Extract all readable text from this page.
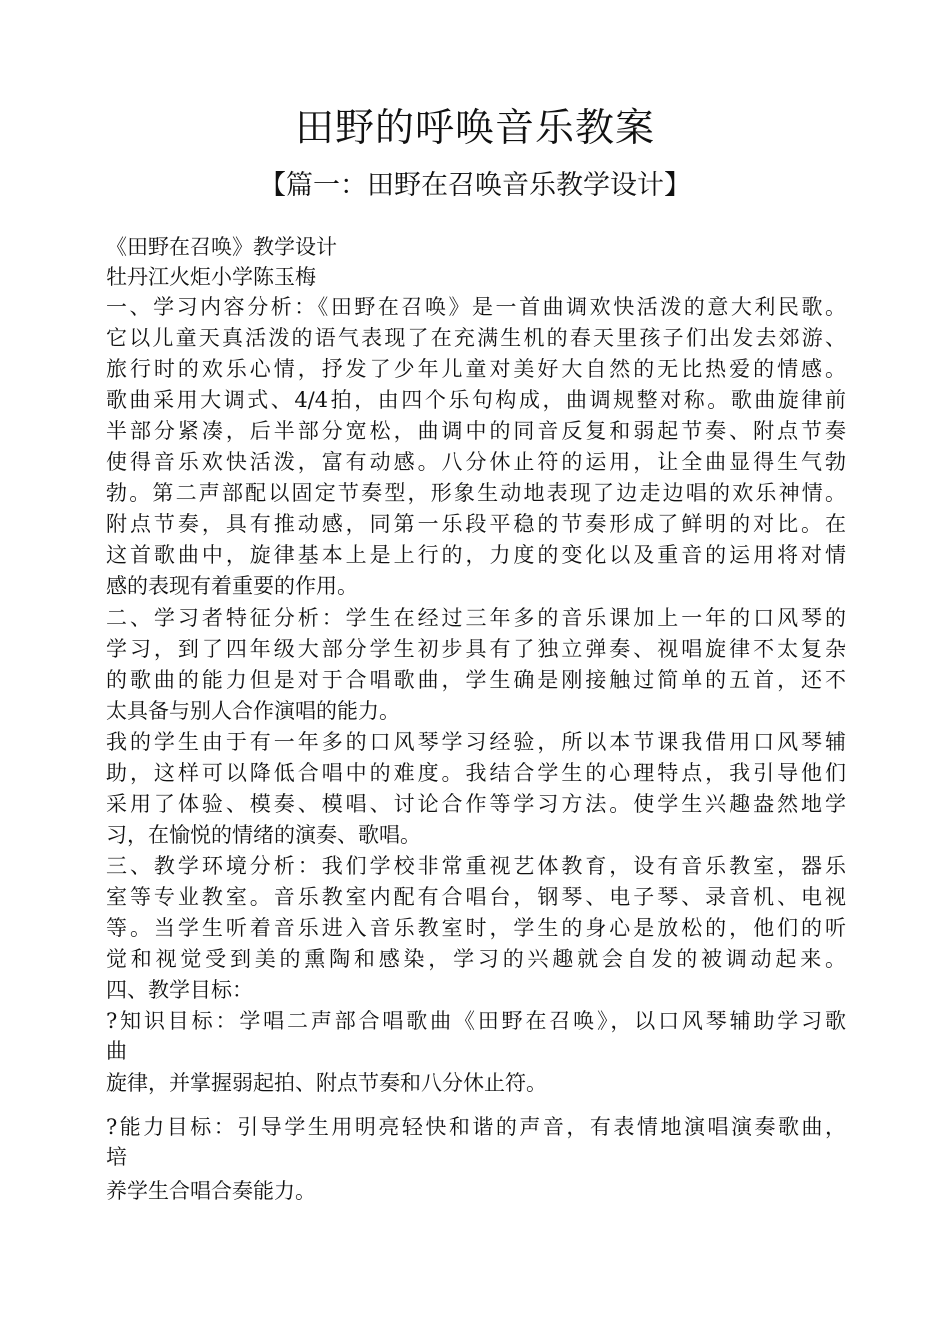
田野的呼唤音乐教案
【篇一：田野在召唤音乐教学设计】
《田野在召唤》教学设计
牡丹江火炬小学陈玉梅
一、学习内容分析：《田野在召唤》是一首曲调欢快活泼的意大利民歌。
它以儿童天真活泼的语气表现了在充满生机的春天里孩子们出发去郊游、
旅行时的欢乐心情，抒发了少年儿童对美好大自然的无比热爱的情感。
歌曲采用大调式、4/4拍，由四个乐句构成，曲调规整对称。歌曲旋律前
半部分紧凑，后半部分宽松，曲调中的同音反复和弱起节奏、附点节奏
使得音乐欢快活泼，富有动感。八分休止符的运用，让全曲显得生气勃
勃。第二声部配以固定节奏型，形象生动地表现了边走边唱的欢乐神情。
附点节奏，具有推动感，同第一乐段平稳的节奏形成了鲜明的对比。在
这首歌曲中，旋律基本上是上行的，力度的变化以及重音的运用将对情
感的表现有着重要的作用。
二、学习者特征分析：学生在经过三年多的音乐课加上一年的口风琴的
学习，到了四年级大部分学生初步具有了独立弹奏、视唱旋律不太复杂
的歌曲的能力但是对于合唱歌曲，学生确是刚接触过简单的五首，还不
太具备与别人合作演唱的能力。
我的学生由于有一年多的口风琴学习经验，所以本节课我借用口风琴辅
助，这样可以降低合唱中的难度。我结合学生的心理特点，我引导他们
采用了体验、模奏、模唱、讨论合作等学习方法。使学生兴趣盎然地学
习，在愉悦的情绪的演奏、歌唱。
三、教学环境分析：我们学校非常重视艺体教育，设有音乐教室，器乐
室等专业教室。音乐教室内配有合唱台，钢琴、电子琴、录音机、电视
等。当学生听着音乐进入音乐教室时，学生的身心是放松的，他们的听
觉和视觉受到美的熏陶和感染，学习的兴趣就会自发的被调动起来。
四、教学目标：
?知识目标：学唱二声部合唱歌曲《田野在召唤》，以口风琴辅助学习歌
曲
旋律，并掌握弱起拍、附点节奏和八分休止符。
?能力目标：引导学生用明亮轻快和谐的声音，有表情地演唱演奏歌曲，
培
养学生合唱合奏能力。
